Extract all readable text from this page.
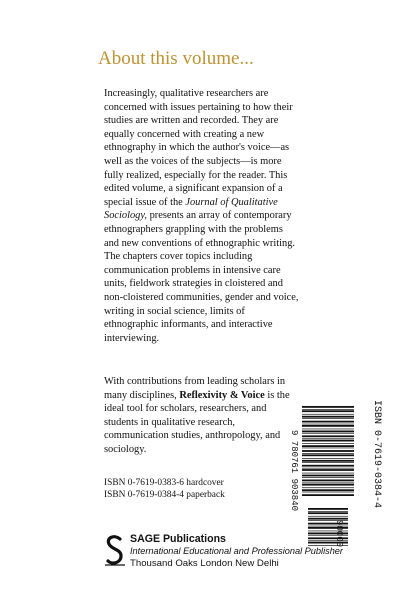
About this volume...
Increasingly, qualitative researchers are concerned with issues pertaining to how their studies are written and recorded. They are equally concerned with creating a new ethnography in which the author's voice—as well as the voices of the subjects—is more fully realized, especially for the reader. This edited volume, a significant expansion of a special issue of the Journal of Qualitative Sociology, presents an array of contemporary ethnographers grappling with the problems and new conventions of ethnographic writing. The chapters cover topics including communication problems in intensive care units, fieldwork strategies in cloistered and non-cloistered communities, gender and voice, writing in social science, limits of ethnographic informants, and interactive interviewing.
With contributions from leading scholars in many disciplines, Reflexivity & Voice is the ideal tool for scholars, researchers, and students in qualitative research, communication studies, anthropology, and sociology.
ISBN 0-7619-0383-6 hardcover
ISBN 0-7619-0384-4 paperback	ISBN 0-7619-0384-4
9 780761 903840
90000
SAGE Publications
International Educational and Professional Publisher
Thousand Oaks London New Delhi
